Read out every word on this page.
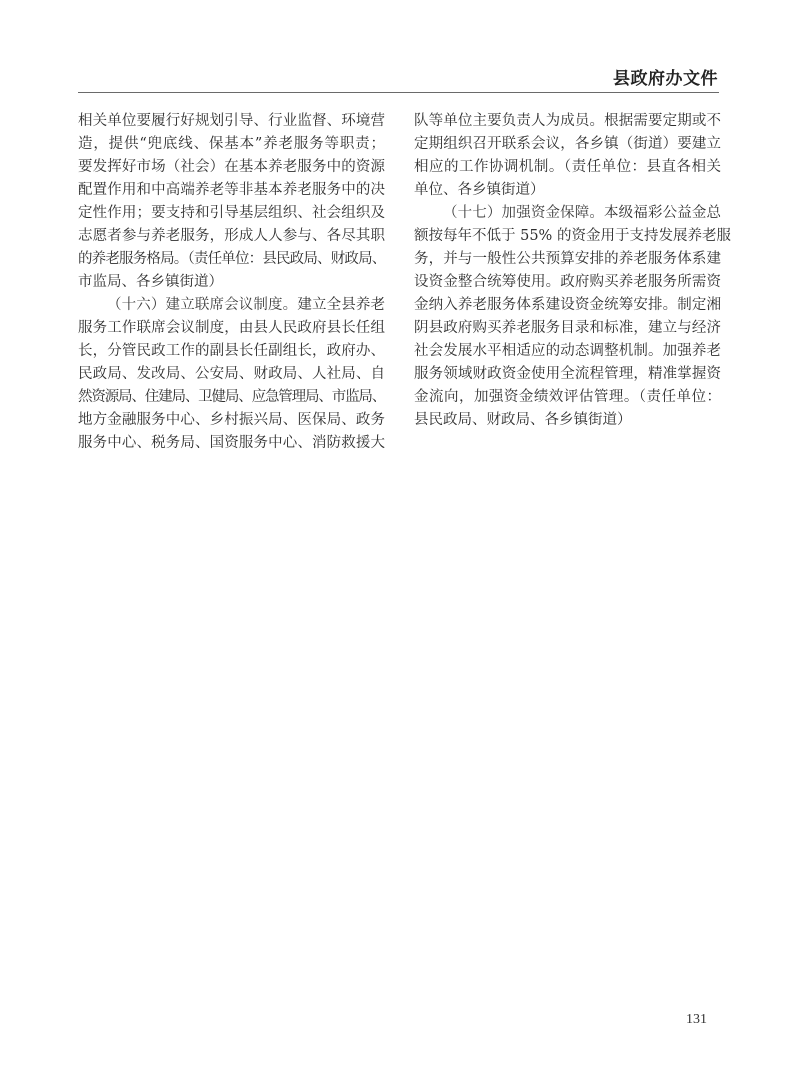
县政府办文件
相关单位要履行好规划引导、行业监督、环境营
造，提供“兜底线、保基本”养老服务等职责；
要发挥好市场（社会）在基本养老服务中的资源
配置作用和中高端养老等非基本养老服务中的决
定性作用；要支持和引导基层组织、社会组织及
志愿者参与养老服务，形成人人参与、各尽其职
的养老服务格局。（责任单位：县民政局、财政局、
市监局、各乡镇街道）
（十六）建立联席会议制度。建立全县养老
服务工作联席会议制度，由县人民政府县长任组
长，分管民政工作的副县长任副组长，政府办、
民政局、发改局、公安局、财政局、人社局、自
然资源局、住建局、卫健局、应急管理局、市监局、
地方金融服务中心、乡村振兴局、医保局、政务
服务中心、税务局、国资服务中心、消防救援大
队等单位主要负责人为成员。根据需要定期或不
定期组织召开联系会议，各乡镇（街道）要建立
相应的工作协调机制。（责任单位：县直各相关
单位、各乡镇街道）
（十七）加强资金保障。本级福彩公益金总
额按每年不低于 55% 的资金用于支持发展养老服
务，并与一般性公共预算安排的养老服务体系建
设资金整合统筹使用。政府购买养老服务所需资
金纳入养老服务体系建设资金统筹安排。制定湘
阴县政府购买养老服务目录和标准，建立与经济
社会发展水平相适应的动态调整机制。加强养老
服务领域财政资金使用全流程管理，精准掌握资
金流向，加强资金绩效评估管理。（责任单位：
县民政局、财政局、各乡镇街道）
131
